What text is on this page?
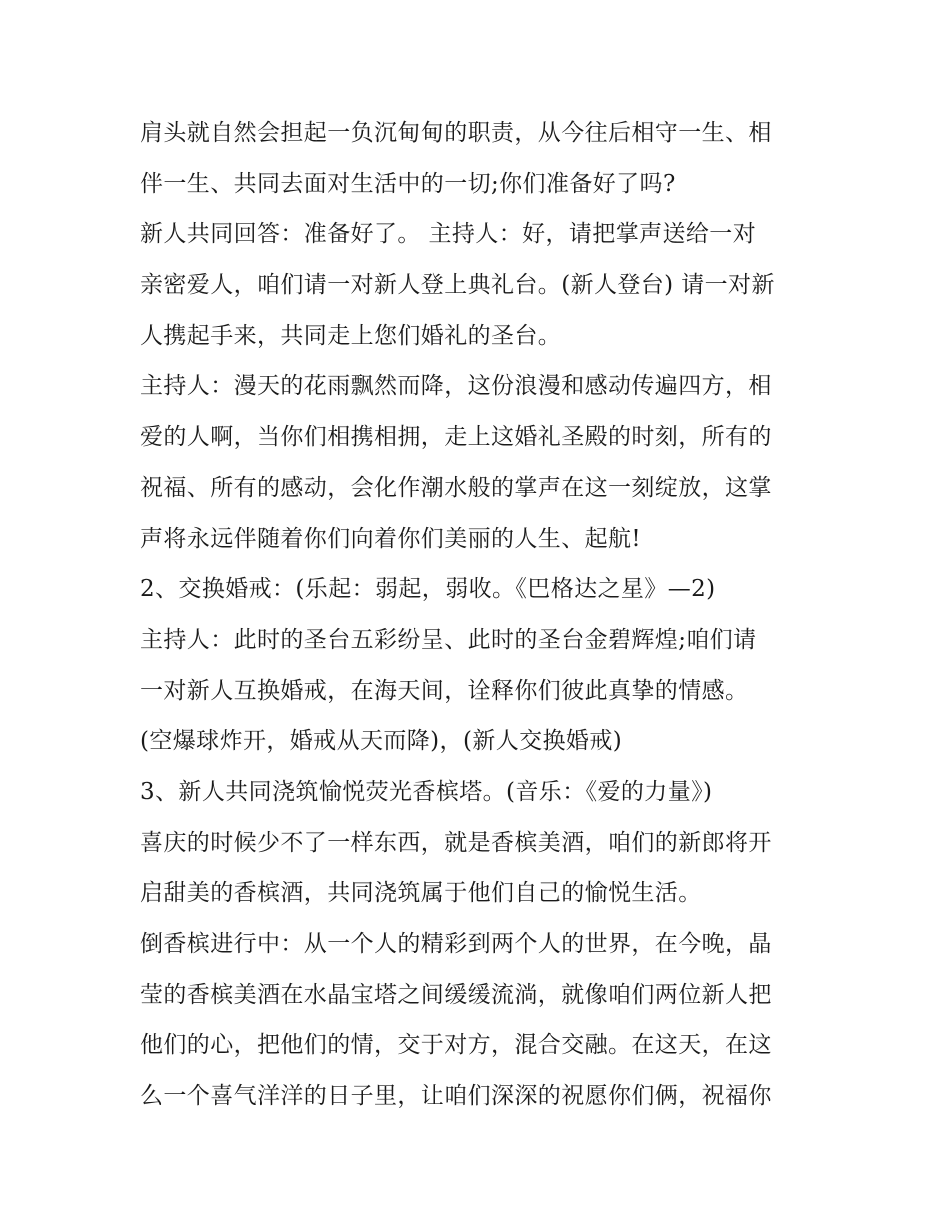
肩头就自然会担起一负沉甸甸的职责，从今往后相守一生、相
伴一生、共同去面对生活中的一切;你们准备好了吗?
新人共同回答：准备好了。 主持人：好，请把掌声送给一对
亲密爱人，咱们请一对新人登上典礼台。(新人登台) 请一对新
人携起手来，共同走上您们婚礼的圣台。
主持人：漫天的花雨飘然而降，这份浪漫和感动传遍四方，相
爱的人啊，当你们相携相拥，走上这婚礼圣殿的时刻，所有的
祝福、所有的感动，会化作潮水般的掌声在这一刻绽放，这掌
声将永远伴随着你们向着你们美丽的人生、起航!
2、交换婚戒：(乐起：弱起，弱收。《巴格达之星》—2)
主持人：此时的圣台五彩纷呈、此时的圣台金碧辉煌;咱们请
一对新人互换婚戒，在海天间，诠释你们彼此真挚的情感。
(空爆球炸开，婚戒从天而降)，(新人交换婚戒)
3、新人共同浇筑愉悦荧光香槟塔。(音乐：《爱的力量》)
喜庆的时候少不了一样东西，就是香槟美酒，咱们的新郎将开
启甜美的香槟酒，共同浇筑属于他们自己的愉悦生活。
倒香槟进行中：从一个人的精彩到两个人的世界，在今晚，晶
莹的香槟美酒在水晶宝塔之间缓缓流淌，就像咱们两位新人把
他们的心，把他们的情，交于对方，混合交融。在这天，在这
么一个喜气洋洋的日子里，让咱们深深的祝愿你们俩，祝福你
